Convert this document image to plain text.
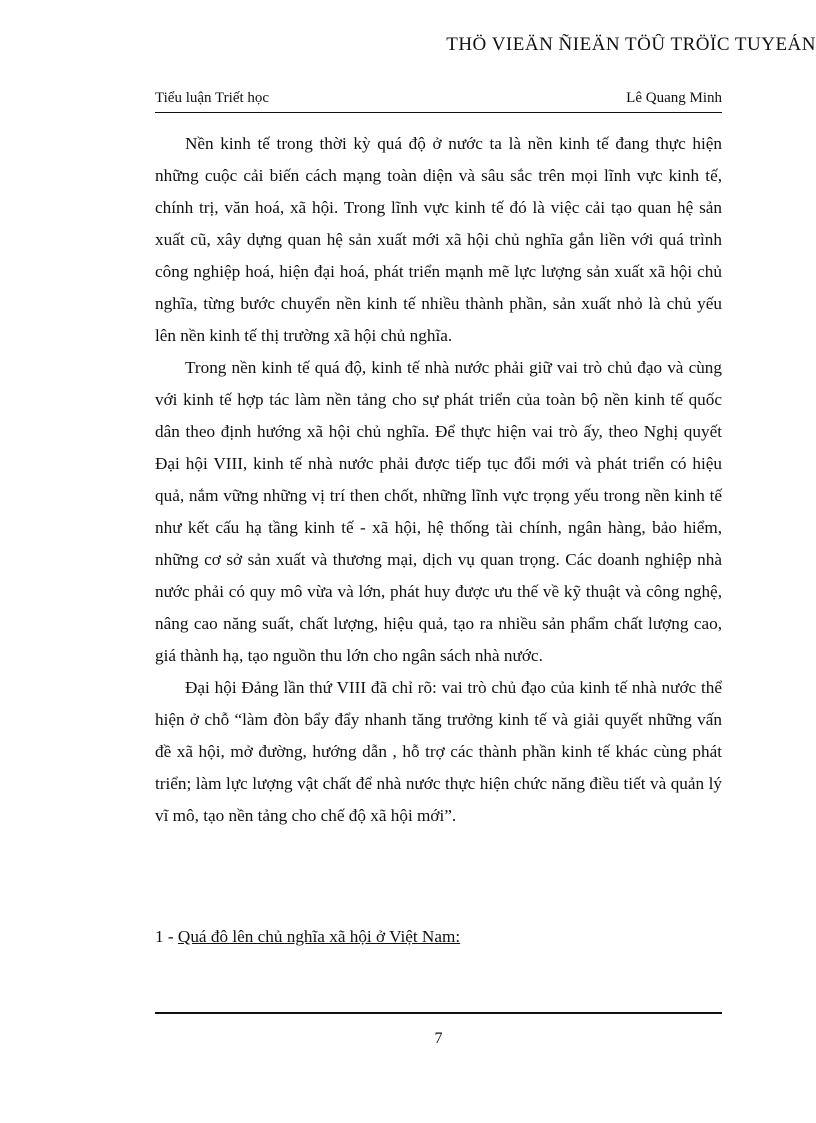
THÖ VIEÄN ÑIEÄN TÖÛ TRÖÏC TUYEÁN
Tiểu luận Triết học	Lê Quang Minh

Nền kinh tế trong thời kỳ quá độ ở nước ta là nền kinh tế đang thực hiện những cuộc cải biến cách mạng toàn diện và sâu sắc trên mọi lĩnh vực kinh tế, chính trị, văn hoá, xã hội. Trong lĩnh vực kinh tế đó là việc cải tạo quan hệ sản xuất cũ, xây dựng quan hệ sản xuất mới xã hội chủ nghĩa gắn liền với quá trình công nghiệp hoá, hiện đại hoá, phát triển mạnh mẽ lực lượng sản xuất xã hội chủ nghĩa, từng bước chuyển nền kinh tế nhiều thành phần, sản xuất nhỏ là chủ yếu lên nền kinh tế thị trường xã hội chủ nghĩa.

Trong nền kinh tế quá độ, kinh tế nhà nước phải giữ vai trò chủ đạo và cùng với kinh tế hợp tác làm nền tảng cho sự phát triển của toàn bộ nền kinh tế quốc dân theo định hướng xã hội chủ nghĩa. Để thực hiện vai trò ấy, theo Nghị quyết Đại hội VIII, kinh tế nhà nước phải được tiếp tục đổi mới và phát triển có hiệu quả, nắm vững những vị trí then chốt, những lĩnh vực trọng yếu trong nền kinh tế như kết cấu hạ tầng kinh tế - xã hội, hệ thống tài chính, ngân hàng, bảo hiểm, những cơ sở sản xuất và thương mại, dịch vụ quan trọng. Các doanh nghiệp nhà nước phải có quy mô vừa và lớn, phát huy được ưu thế về kỹ thuật và công nghệ, nâng cao năng suất, chất lượng, hiệu quả, tạo ra nhiều sản phẩm chất lượng cao, giá thành hạ, tạo nguồn thu lớn cho ngân sách nhà nước.

Đại hội Đảng lần thứ VIII đã chỉ rõ: vai trò chủ đạo của kinh tế nhà nước thể hiện ở chỗ “làm đòn bẩy đẩy nhanh tăng trưởng kinh tế và giải quyết những vấn đề xã hội, mở đường, hướng dẫn , hỗ trợ các thành phần kinh tế khác cùng phát triển; làm lực lượng vật chất để nhà nước thực hiện chức năng điều tiết và quản lý vĩ mô, tạo nền tảng cho chế độ xã hội mới”.

1 - Quá đô lên chủ nghĩa xã hội ở Việt Nam:
7
